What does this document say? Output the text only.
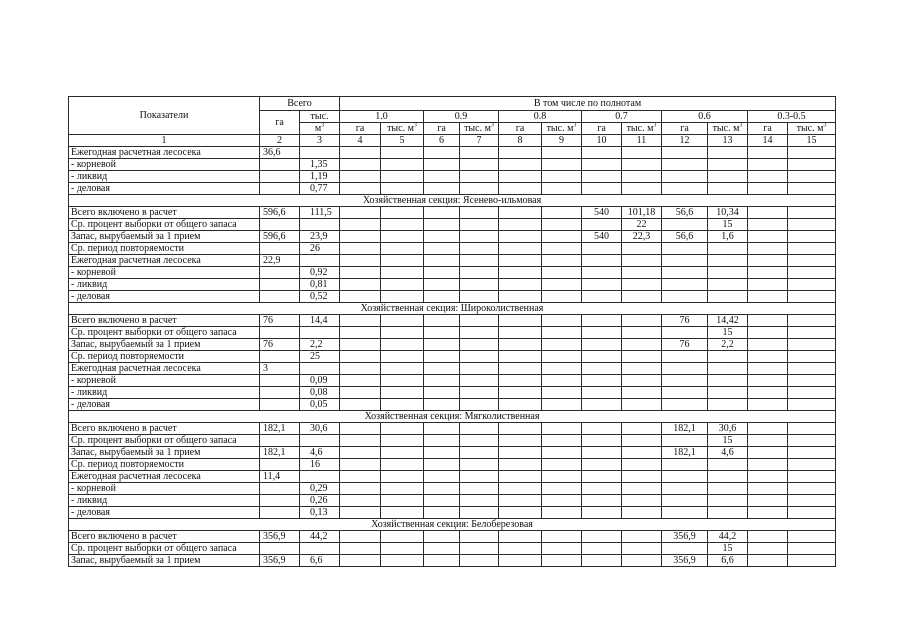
Показатели	Всего		В том числе по полнотам											
	га	тыс.	1.0		0.9		0.8		0.7		0.6		0.3-0.5	
		$м^3$	га	тыс. $м^3$	га	тыс. $м^3$	га	тыс. $м^3$	га	тыс. $м^3$	га	тыс. $м^3$	га	тыс. $м^3$
1	2	3	4	5	6	7	8	9	10	11	12	13	14	15
Ежегодная расчетная лесосека	36,6													
- корневой		1,35												
- ликвид		1,19												
- деловая		0,77												
Хозяйственная секция: Ясенево-ильмовая														
Всего включено в расчет	596,6	111,5							540	101,18	56,6	10,34		
Ср. процент выборки от общего запаса										22		15		
Запас, вырубаемый за 1 прием	596,6	23,9							540	22,3	56,6	1,6		
Ср. период повторяемости		26												
Ежегодная расчетная лесосека	22,9													
- корневой		0,92												
- ликвид		0,81												
- деловая		0,52												
Хозяйственная секция: Широколиственная														
Всего включено в расчет	76	14,4									76	14,42		
Ср. процент выборки от общего запаса												15		
Запас, вырубаемый за 1 прием	76	2,2									76	2,2		
Ср. период повторяемости		25												
Ежегодная расчетная лесосека	3													
- корневой		0,09												
- ликвид		0,08												
- деловая		0,05												
Хозяйственная секция: Мягколиственная														
Всего включено в расчет	182,1	30,6									182,1	30,6		
Ср. процент выборки от общего запаса												15		
Запас, вырубаемый за 1 прием	182,1	4,6									182,1	4,6		
Ср. период повторяемости		16												
Ежегодная расчетная лесосека	11,4													
- корневой		0,29												
- ликвид		0,26												
- деловая		0,13												
Хозяйственная секция: Белоберезовая														
Всего включено в расчет	356,9	44,2									356,9	44,2		
Ср. процент выборки от общего запаса												15		
Запас, вырубаемый за 1 прием	356,9	6,6									356,9	6,6		
